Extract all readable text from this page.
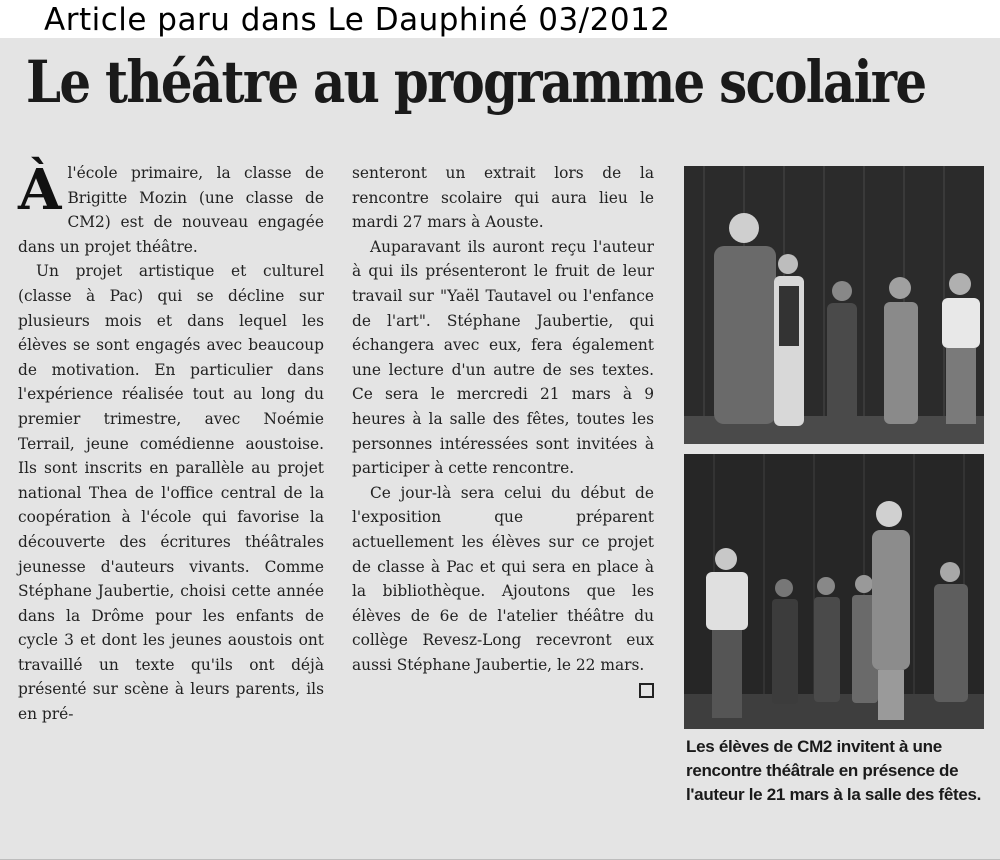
Article paru dans Le Dauphiné 03/2012
Le théâtre au programme scolaire

À l'école primaire, la classe de Brigitte Mozin (une classe de CM2) est de nouveau engagée dans un projet théâtre.

Un projet artistique et culturel (classe à Pac) qui se décline sur plusieurs mois et dans lequel les élèves se sont engagés avec beaucoup de motivation. En particulier dans l'expérience réalisée tout au long du premier trimestre, avec Noémie Terrail, jeune comédienne aoustoise. Ils sont inscrits en parallèle au projet national Thea de l'office central de la coopération à l'école qui favorise la découverte des écritures théâtrales jeunesse d'auteurs vivants. Comme Stéphane Jaubertie, choisi cette année dans la Drôme pour les enfants de cycle 3 et dont les jeunes aoustois ont travaillé un texte qu'ils ont déjà présenté sur scène à leurs parents, ils en pré-

senteront un extrait lors de la rencontre scolaire qui aura lieu le mardi 27 mars à Aouste.

Auparavant ils auront reçu l'auteur à qui ils présenteront le fruit de leur travail sur "Yaël Tautavel ou l'enfance de l'art". Stéphane Jaubertie, qui échangera avec eux, fera également une lecture d'un autre de ses textes. Ce sera le mercredi 21 mars à 9 heures à la salle des fêtes, toutes les personnes intéressées sont invitées à participer à cette rencontre.

Ce jour-là sera celui du début de l'exposition que préparent actuellement les élèves sur ce projet de classe à Pac et qui sera en place à la bibliothèque. Ajoutons que les élèves de 6e de l'atelier théâtre du collège Revesz-Long recevront eux aussi Stéphane Jaubertie, le 22 mars.

Les élèves de CM2 invitent à une rencontre théâtrale en présence de l'auteur le 21 mars à la salle des fêtes.
